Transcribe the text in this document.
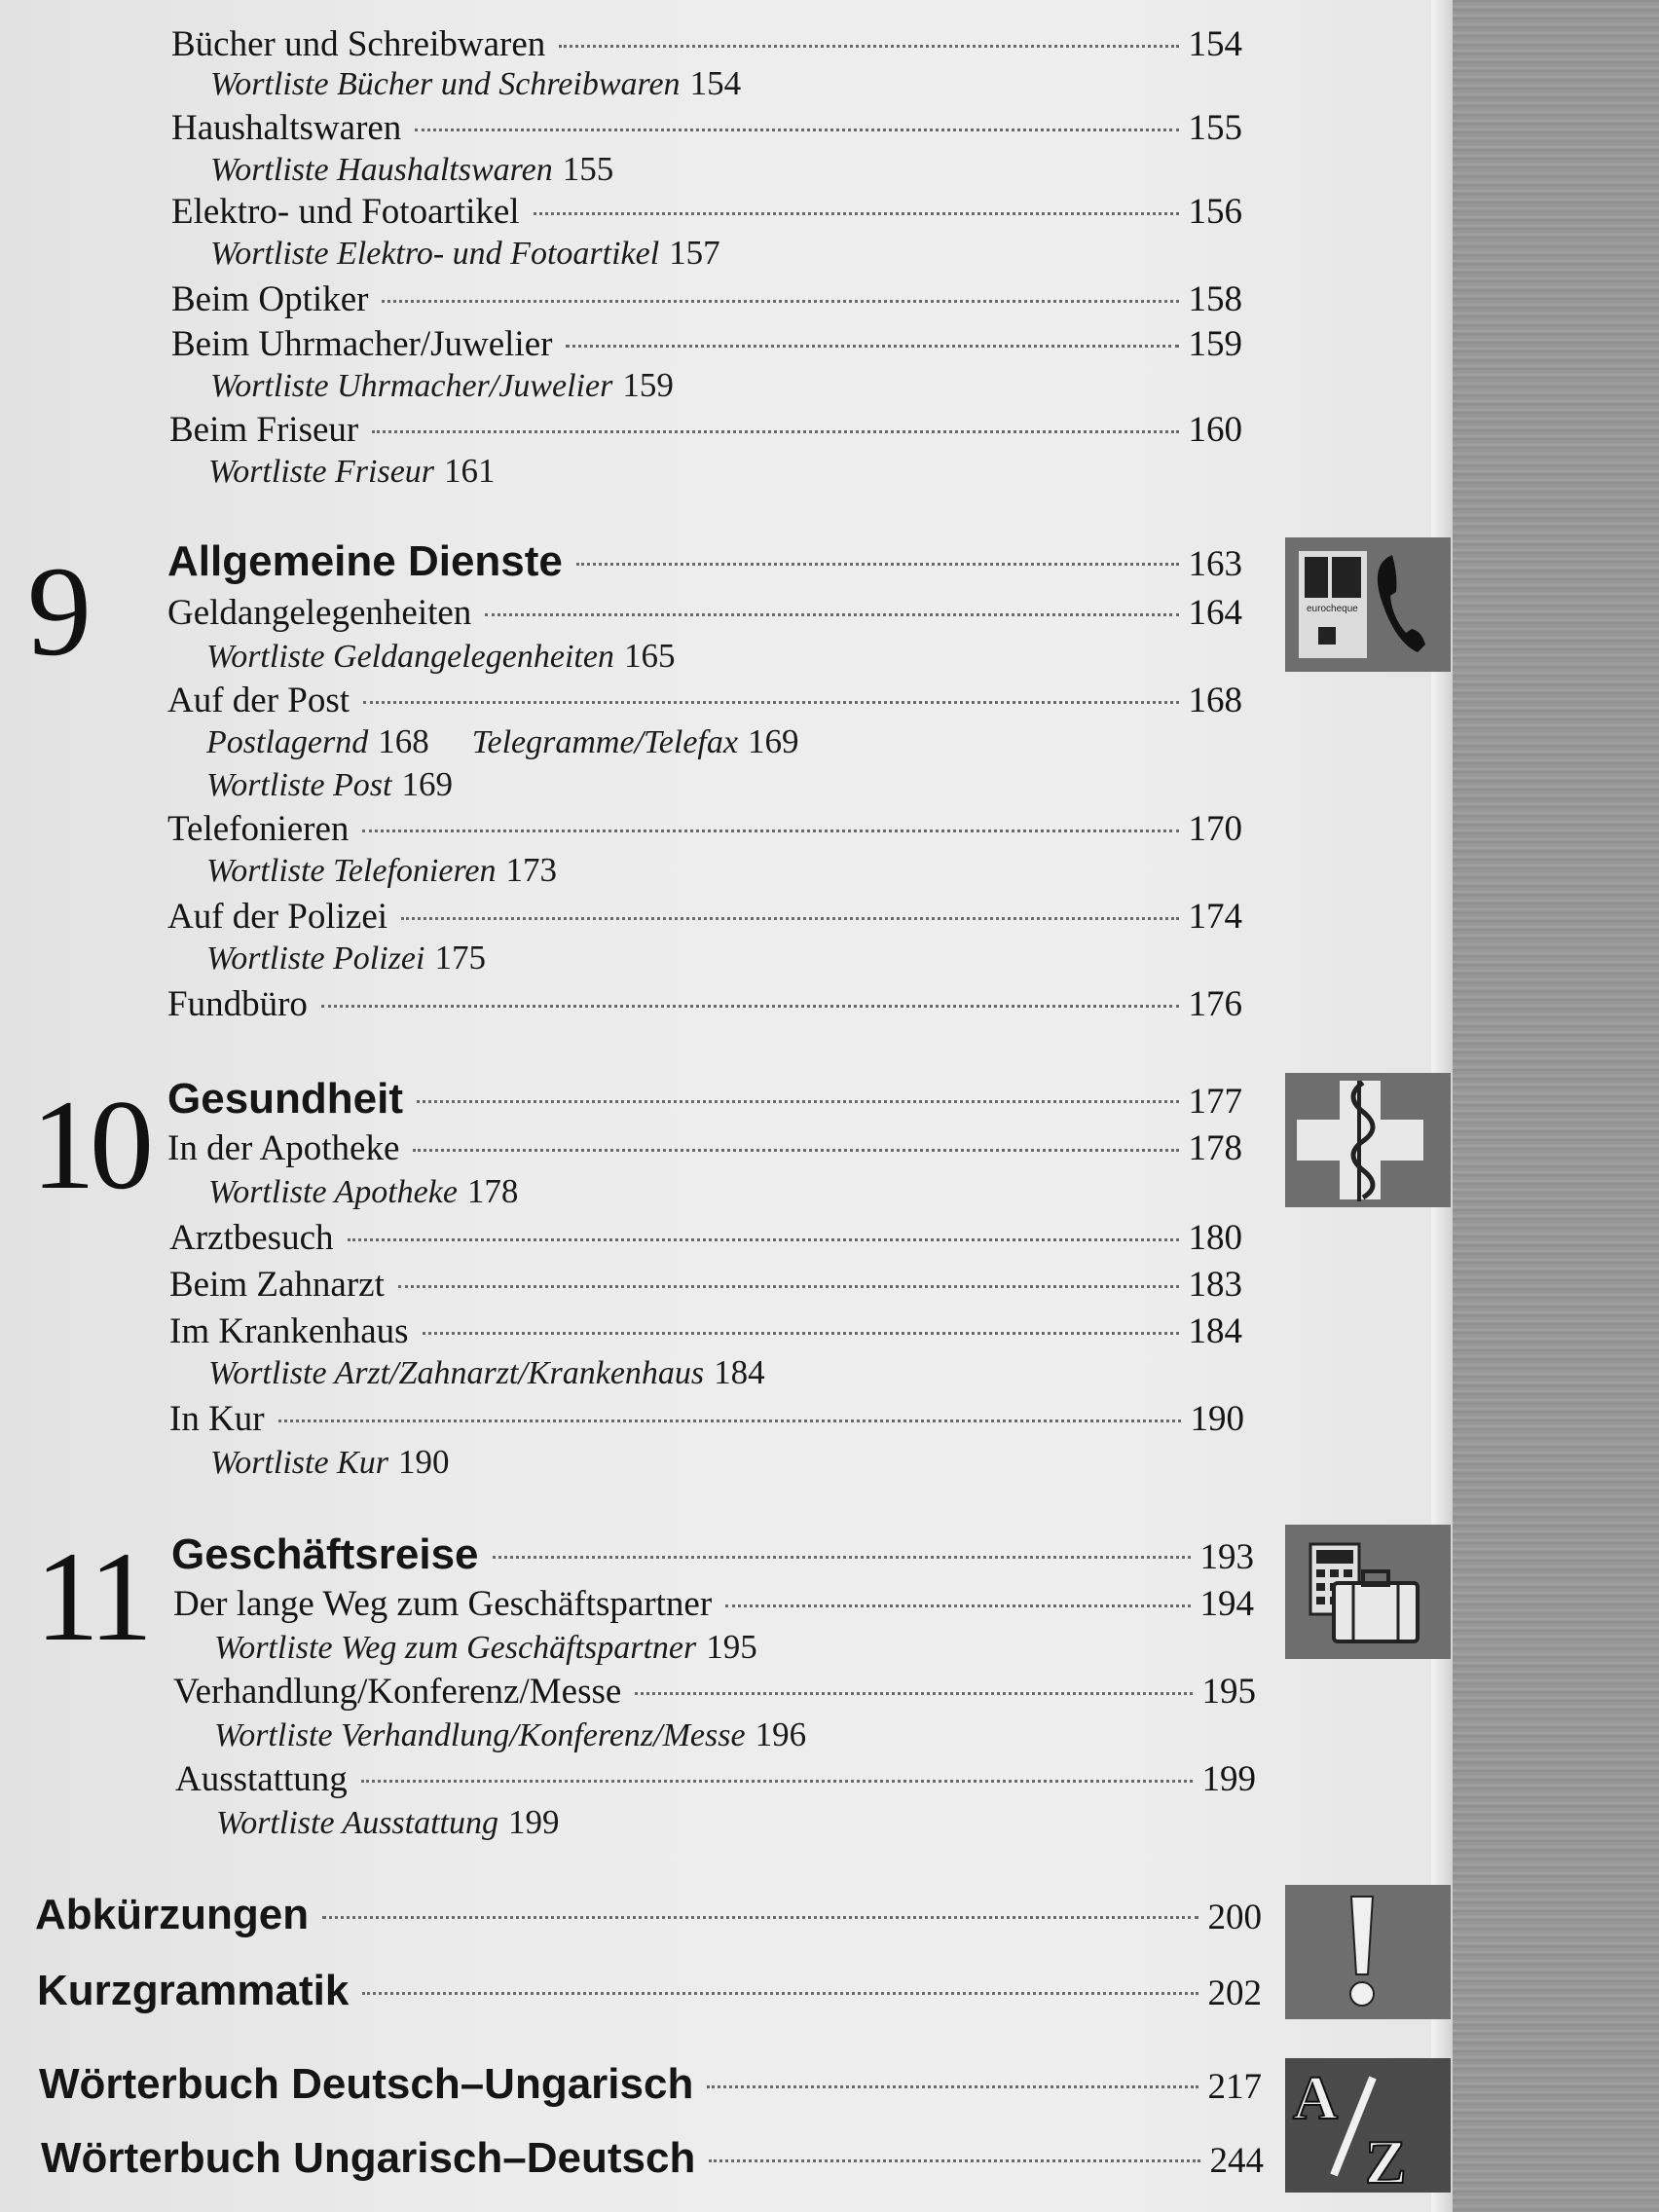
Bücher und Schreibwaren	154
Wortliste Bücher und Schreibwaren 154
Haushaltswaren	155
Wortliste Haushaltswaren 155
Elektro- und Fotoartikel	156
Wortliste Elektro- und Fotoartikel 157
Beim Optiker	158
Beim Uhrmacher/Juwelier	159
Wortliste Uhrmacher/Juwelier 159
Beim Friseur	160
Wortliste Friseur 161
9 Allgemeine Dienste	163
Geldangelegenheiten	164
Wortliste Geldangelegenheiten 165
Auf der Post	168
Postlagernd 168 Telegramme/Telefax 169
Wortliste Post 169
Telefonieren	170
Wortliste Telefonieren 173
Auf der Polizei	174
Wortliste Polizei 175
Fundbüro	176
10 Gesundheit	177
In der Apotheke	178
Wortliste Apotheke 178
Arztbesuch	180
Beim Zahnarzt	183
Im Krankenhaus	184
Wortliste Arzt/Zahnarzt/Krankenhaus 184
In Kur	190
Wortliste Kur 190
11 Geschäftsreise	193
Der lange Weg zum Geschäftspartner	194
Wortliste Weg zum Geschäftspartner 195
Verhandlung/Konferenz/Messe	195
Wortliste Verhandlung/Konferenz/Messe 196
Ausstattung	199
Wortliste Ausstattung 199
Abkürzungen	200
Kurzgrammatik	202
Wörterbuch Deutsch–Ungarisch	217
Wörterbuch Ungarisch–Deutsch	244
eurocheque
A
Z
